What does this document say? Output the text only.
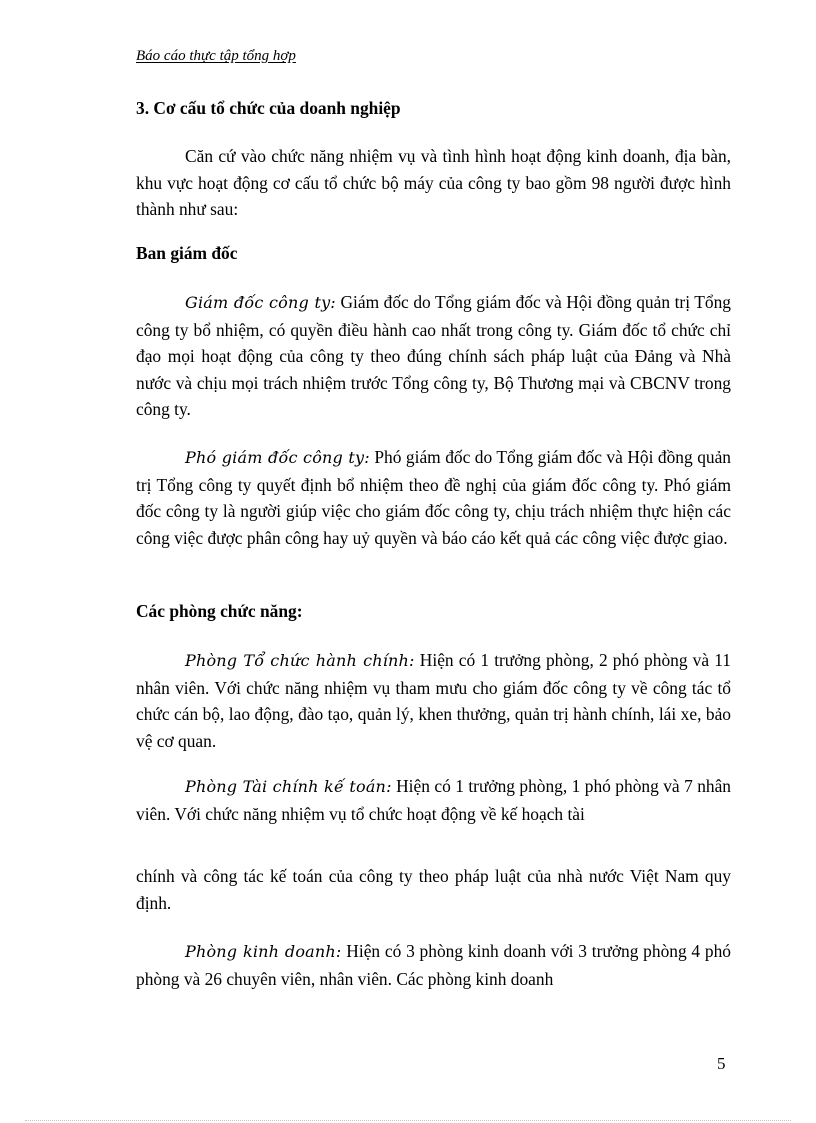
Báo cáo thực tập tổng hợp

3. Cơ cấu tổ chức của doanh nghiệp

Căn cứ vào chức năng nhiệm vụ và tình hình hoạt động kinh doanh, địa bàn, khu vực hoạt động cơ cấu tổ chức bộ máy của công ty bao gồm 98 người được hình thành như sau:

Ban giám đốc

Giám đốc công ty: Giám đốc do Tổng giám đốc và Hội đồng quản trị Tổng công ty bổ nhiệm, có quyền điều hành cao nhất trong công ty. Giám đốc tổ chức chỉ đạo mọi hoạt động của công ty theo đúng chính sách pháp luật của Đảng và Nhà nước và chịu mọi trách nhiệm trước Tổng công ty, Bộ Thương mại và CBCNV trong công ty.

Phó giám đốc công ty: Phó giám đốc do Tổng giám đốc và Hội đồng quản trị Tổng công ty quyết định bổ nhiệm theo đề nghị của giám đốc công ty. Phó giám đốc công ty là người giúp việc cho giám đốc công ty, chịu trách nhiệm thực hiện các công việc được phân công hay uỷ quyền và báo cáo kết quả các công việc được giao.

Các phòng chức năng:

Phòng Tổ chức hành chính: Hiện có 1 trưởng phòng, 2 phó phòng và 11 nhân viên. Với chức năng nhiệm vụ tham mưu cho giám đốc công ty về công tác tổ chức cán bộ, lao động, đào tạo, quản lý, khen thưởng, quản trị hành chính, lái xe, bảo vệ cơ quan.

Phòng Tài chính kế toán: Hiện có 1 trưởng phòng, 1 phó phòng và 7 nhân viên. Với chức năng nhiệm vụ tổ chức hoạt động về kế hoạch tài

chính và công tác kế toán của công ty theo pháp luật của nhà nước Việt Nam quy định.

Phòng kinh doanh: Hiện có 3 phòng kinh doanh với 3 trưởng phòng 4 phó phòng và 26 chuyên viên, nhân viên. Các phòng kinh doanh

5
